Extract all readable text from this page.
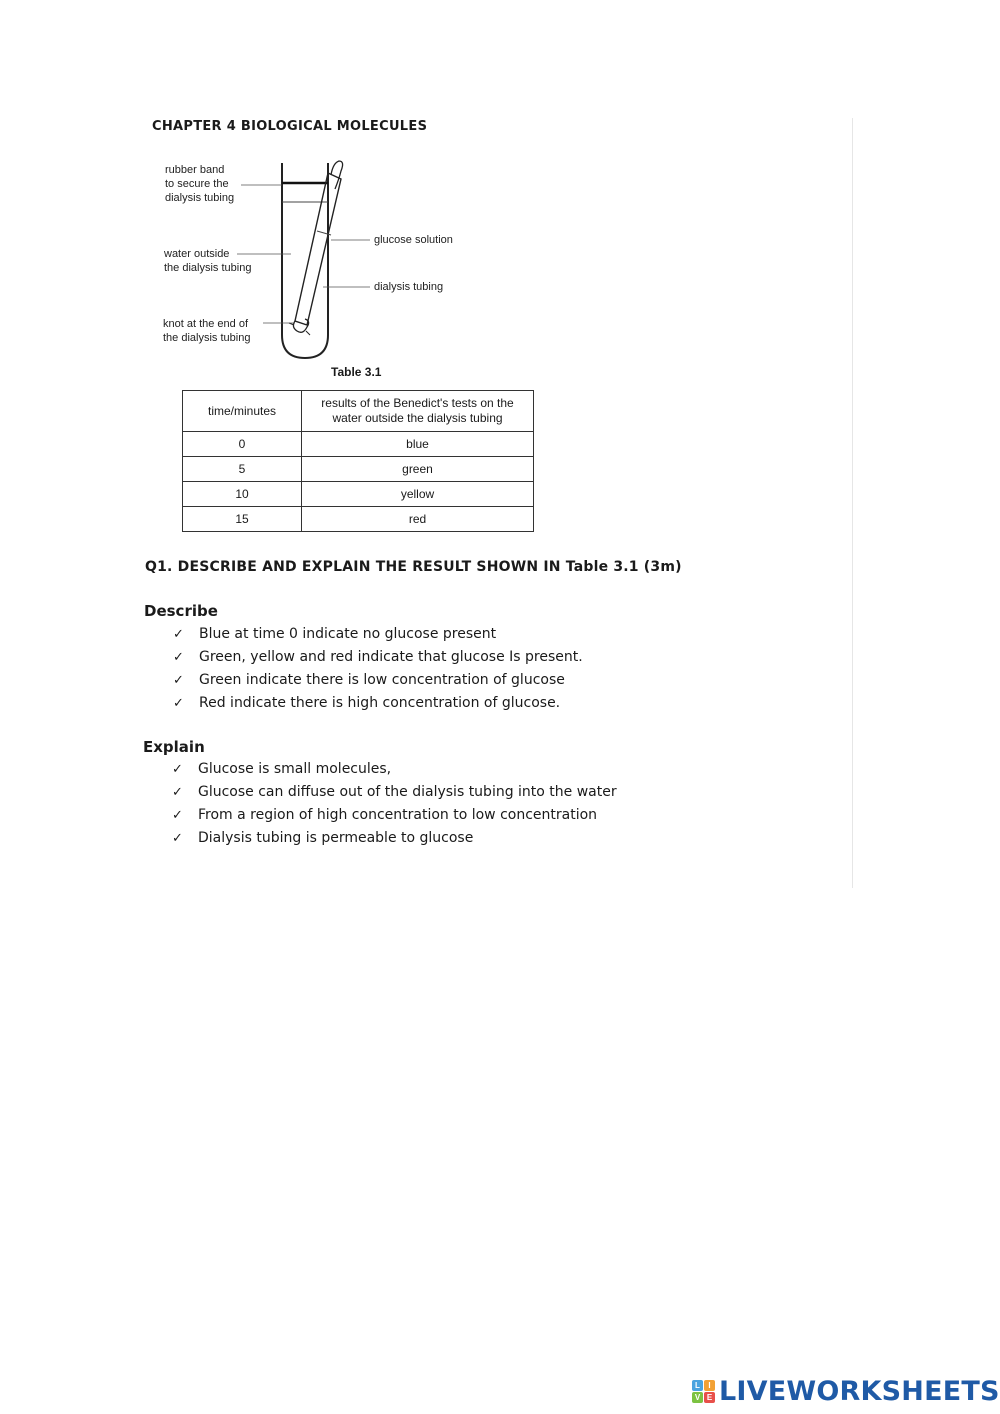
CHAPTER 4 BIOLOGICAL MOLECULES
rubber band
to secure the
dialysis tubing
water outside
the dialysis tubing
knot at the end of
the dialysis tubing
glucose solution
dialysis tubing
Table 3.1
time/minutes	results of the Benedict's tests on the water outside the dialysis tubing
0	blue
5	green
10	yellow
15	red
Q1. DESCRIBE AND EXPLAIN THE RESULT SHOWN IN Table 3.1 (3m)
Describe
✓ Blue at time 0 indicate no glucose present
✓ Green, yellow and red indicate that glucose Is present.
✓ Green indicate there is low concentration of glucose
✓ Red indicate there is high concentration of glucose.
Explain
✓ Glucose is small molecules,
✓ Glucose can diffuse out of the dialysis tubing into the water
✓ From a region of high concentration to low concentration
✓ Dialysis tubing is permeable to glucose
L	I
V E LIVEWORKSHEETS
